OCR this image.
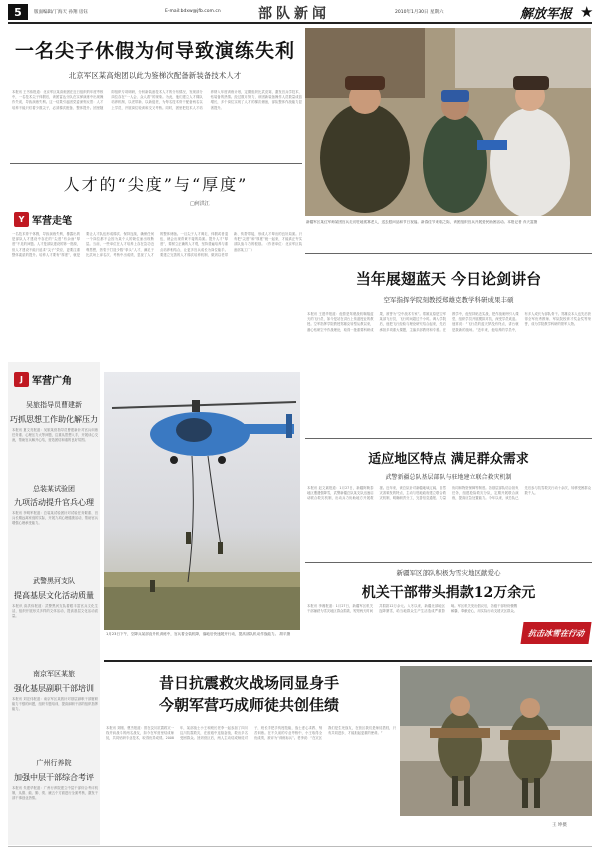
5	版面编辑/丁海天 孙翔 房钰	E-mail:bdxw@jfb.com.cn	部队新闻	2010年1月30日 星期六	解放军报 ★
一名尖子休假为何导致演练失利
北京军区某高炮团以此为鉴梯次配备新装备技术人才
本报讯 王书伟报道：北京军区某高炮团在近日组织的年度考核中，一名技术尖子休假后，该团雷达分队在实弹演练中出现操作失误，导致演练失利。这一结果引起团党委深刻反思：人才培养不能只盯着少数尖子，必须梯次配备、整体提升。团里随即组织专项调研，分析新装备技术人才的分布情况，发现部分岗位存在“一人会、众人看”的现象。为此，他们建立人才梯队培养机制，以老带新、以新促老，为每名技术骨干配备两名以上学员，开展岗位轮训和交叉考核。同时，团里把技术人才培养纳入年度训练计划，定期组织比武竞赛，激发官兵学技术、钻装备的热情。经过数月努力，该团新装备操作人员数量成倍增长，多个岗位实现了人才的梯次储备，部队整体作战能力显著提升。
人才的“尖度”与“厚度”
□何洪江
Y 军营走笔
一名技术骨干休假，导致演练失利，暴露出的是部队人才建设中存在的“尖度”有余而“厚度”不足的问题。人才是部队建设的第一资源，但人才建设不能只追求“尖子”效应，更要注重整体素质的提升。培养人才要有“厚度”，就是要让人才队伍形成梯次、保持连续，确保任何一个岗位都不会因为某个人的缺位而出现断层。当前，一些单位在人才培养上存在急功近利思想，热衷于打造少数“拳头”人才，满足于比武场上拿名次、考核中出成绩，忽视了人才的整体储备。一旦尖子人才调走、休假或者退伍，就会出现青黄不接的局面。提升人才“厚度”，要树立正确的人才观，坚持普遍培养与重点培养相结合，让更多官兵成长为岗位能手。要建立完善的人才梯次培养机制，做到以老带新、传帮带接，形成人才辈出的良好局面。只有把“尖度”和“厚度”统一起来，才能真正夯实部队战斗力的根基。（作者单位：北京军区装备部某工厂）
新疆军区某红军师某团官兵走访驻地孤寡老人，送去慰问品和节日祝福。新春佳节来临之际，该团组织官兵开展爱民助困活动。本报记者 乔天富摄
当年展翅蓝天 今日论剑讲台
空军指挥学院刻教授郑雄克教学科研成果丰硕
本报讯 王建华报道：他曾是驾驶战机翱翔蓝天的飞行员，如今是站在讲台上传道授业的教授。空军指挥学院教授郑雄克转型从教以来，潜心钻研空中作战理论，取得一批重要科研成果，被誉为“空中战术专家”。郑雄克原是空军某部飞行员，飞行时间超过千小时。调入学院后，他把飞行经验与理论研究结合起来，先后承担多项重大课题，主编多部教材和专著。在教学中，他坚持贴近实战，把作战案例引入课堂，组织学员开展模拟对抗，深受学员欢迎。他常说：“飞行员的蓝天梦没有终点，讲台就是我新的战场。”近年来，他培养的学员中，有多人成长为部队骨干。郑雄克本人也先后获得全军优秀教师、军队院校育才奖金奖等荣誉，成为学院教学科研的领军人物。
J 军营广角
吴旅指导员曹建新
巧抓思想工作助化解压力
本报讯 夏文亮报道：吴旅某营指导员曹建新针对官兵训练任务重、心理压力大等问题，注重从思想入手，开展谈心交流，帮助官兵解开心结，营造团结和谐的良好氛围。
总装某试验团
九项活动提升官兵心理
本报讯 李明军报道：总装某试验团针对试验任务繁重、官兵长期远离家庭的实际，开展九项心理健康活动，帮助官兵增强心理承受能力。
武警黑河支队
提高基层文化活动质量
本报讯 高洪伟报道：武警黑河支队着眼丰富官兵文化生活，组织开展形式多样的文体活动，提高基层文化活动质量。
南京军区某旅
强化基层副职干部培训
本报讯 刘宏伟报道：南京军区某旅针对基层副职干部履职能力不强的问题，组织专题培训，提高副职干部的组织指挥能力。
广州行养院
加强中层干部综合考评
本报讯 朱建华报道：广州行养院建立中层干部综合考评机制，从德、能、勤、绩、廉五个方面进行全面考核，激发干部干事创业热情。
1月23日下午，空降兵某部直升机训练中，官兵着全装机降，落地后快速展开行动，提高部队机动作战能力。 胡平摄
适应地区特点 满足群众需求
武警新疆总队基层部队与驻地建立联合救灾机制
本报讯 赵文斌报道：1月27日，新疆阿勒泰地区遭遇强降雪，武警新疆总队某支队迅速启动联合救灾机制，出动兵力协助地方开展救援。近年来，该总队针对新疆地域辽阔、自然灾害频发的特点，主动与驻地政府建立联合救灾机制，明确职责分工，完善信息通报、力量协同和物资保障等制度。各基层部队结合担负任务，组建抢险救灾分队，定期开展联合演练，提高应急处置能力。今年以来，该总队已先后参与抗雪救灾行动十余次，转移受困群众数千人。
新疆军区部队积极为雪灾地区献爱心
机关干部带头捐款12万余元
本报讯 李湘报道：1月27日，新疆军区机关干部踊跃为雪灾地区群众捐款，短短两天时间共捐款12万余元。入冬以来，新疆北部地区连降暴雪，给当地群众生产生活造成严重影响。军区机关发出倡议后，各级干部纷纷慷慨解囊，奉献爱心，用实际行动支援灾区群众。
抗击冰雪在行动
昔日抗震救灾战场同显身手
今朝军营巧成师徒共创佳绩
本报讯 刘刚、曹杰报道：曾在汶川抗震救灾一线并肩战斗的两名战友，如今在军营里结成师徒，共同钻研专业技术，取得优异成绩。2008年，某部战士小王和班长老李一起参加了四川汶川抗震救灾，在废墟中连续奋战，救出多名受困群众。回到营区后，两人主动结成师徒对子，班长手把手传授技能，战士虚心求教、刻苦训练。在不久前的专业考核中，小王取得全优成绩，被评为“训练标兵”。老李说：“在灾区我们是生死战友，在营区我们是师徒搭档，只有共同进步，才能担起更重的使命。”
王 坤摄
